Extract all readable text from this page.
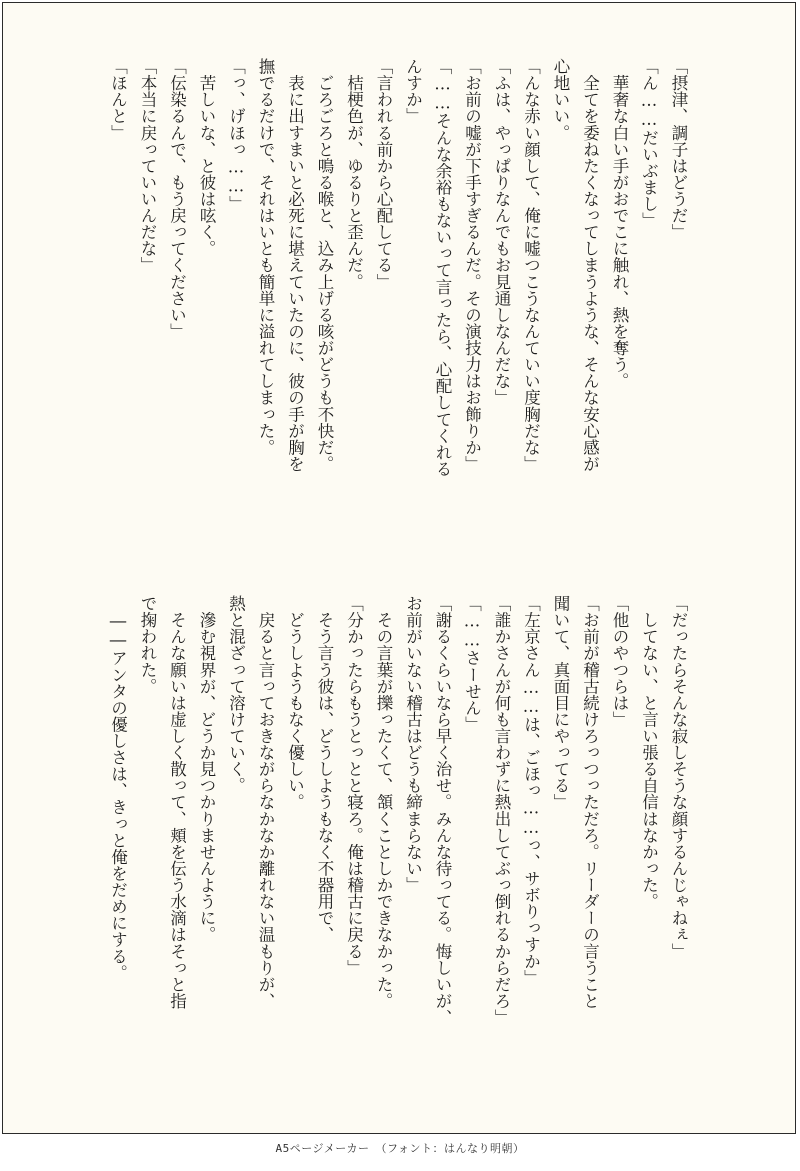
「摂津、調子はどうだ」
「ん……だいぶまし」
　華奢な白い手がおでこに触れ、熱を奪う。
　全てを委ねたくなってしまうような、そんな安心感が
心地いい。
「んな赤い顔して、俺に嘘つこうなんていい度胸だな」
「ふは、やっぱりなんでもお見通しなんだな」
「お前の嘘が下手すぎるんだ。その演技力はお飾りか」
「……そんな余裕もないって言ったら、心配してくれる
んすか」
「言われる前から心配してる」
　桔梗色が、ゆるりと歪んだ。
　ごろごろと鳴る喉と、込み上げる咳がどうも不快だ。
　表に出すまいと必死に堪えていたのに、彼の手が胸を
撫でるだけで、それはいとも簡単に溢れてしまった。
「っ、げほっ……」
　苦しいな、と彼は呟く。
「伝染るんで、もう戻ってください」
「本当に戻っていいんだな」
「ほんと」
「だったらそんな寂しそうな顔するんじゃねぇ」
　してない、と言い張る自信はなかった。
「他のやつらは」
「お前が稽古続けろっつっただろ。リーダーの言うこと
聞いて、真面目にやってる」
「左京さん……は、ごほっ……っ、サボりっすか」
「誰かさんが何も言わずに熱出してぶっ倒れるからだろ」
「……さーせん」
「謝るくらいなら早く治せ。みんな待ってる。悔しいが、
お前がいない稽古はどうも締まらない」
　その言葉が擽ったくて、頷くことしかできなかった。
「分かったらもうとっとと寝ろ。俺は稽古に戻る」
　そう言う彼は、どうしようもなく不器用で、
　どうしようもなく優しい。
　戻ると言っておきながらなかなか離れない温もりが、
熱と混ざって溶けていく。
　滲む視界が、どうか見つかりませんように。
　そんな願いは虚しく散って、頬を伝う水滴はそっと指
で掬われた。
　――アンタの優しさは、きっと俺をだめにする。
A5ページメーカー　（フォント：はんなり明朝）
